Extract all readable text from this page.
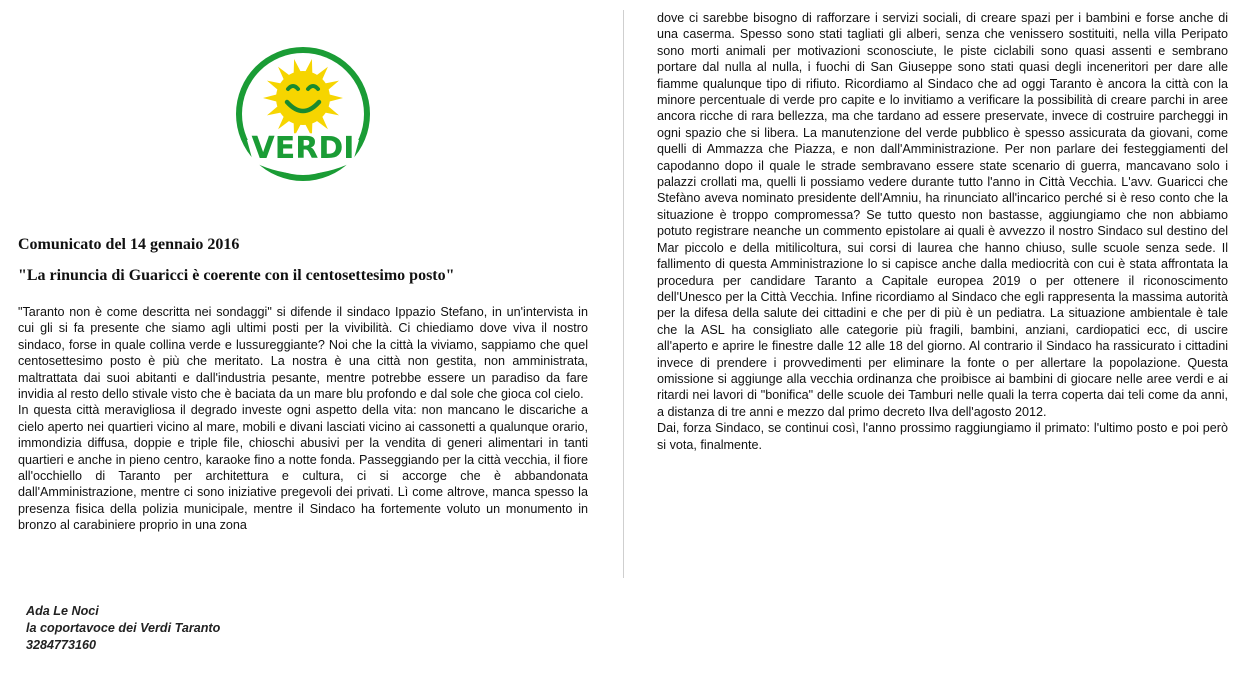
VERDI
Comunicato del 14 gennaio 2016
"La rinuncia di Guaricci è coerente con il centosettesimo posto"

"Taranto non è come descritta nei sondaggi" si difende il sindaco Ippazio Stefano, in un'intervista in cui gli si fa presente che siamo agli ultimi posti per la vivibilità. Ci chiediamo dove viva il nostro sindaco, forse in quale collina verde e lussureggiante? Noi che la città la viviamo, sappiamo che quel centosettesimo posto è più che meritato. La nostra è una città non gestita, non amministrata, maltrattata dai suoi abitanti e dall'industria pesante, mentre potrebbe essere un paradiso da fare invidia al resto dello stivale visto che è baciata da un mare blu profondo e dal sole che gioca col cielo.

In questa città meravigliosa il degrado investe ogni aspetto della vita: non mancano le discariche a cielo aperto nei quartieri vicino al mare, mobili e divani lasciati vicino ai cassonetti a qualunque orario, immondizia diffusa, doppie e triple file, chioschi abusivi per la vendita di generi alimentari in tanti quartieri e anche in pieno centro, karaoke fino a notte fonda. Passeggiando per la città vecchia, il fiore all'occhiello di Taranto per architettura e cultura, ci si accorge che è abbandonata dall'Amministrazione, mentre ci sono iniziative pregevoli dei privati. Lì come altrove, manca spesso la presenza fisica della polizia municipale, mentre il Sindaco ha fortemente voluto un monumento in bronzo al carabiniere proprio in una zona

dove ci sarebbe bisogno di rafforzare i servizi sociali, di creare spazi per i bambini e forse anche di una caserma. Spesso sono stati tagliati gli alberi, senza che venissero sostituiti, nella villa Peripato sono morti animali per motivazioni sconosciute, le piste ciclabili sono quasi assenti e sembrano portare dal nulla al nulla, i fuochi di San Giuseppe sono stati quasi degli inceneritori per dare alle fiamme qualunque tipo di rifiuto. Ricordiamo al Sindaco che ad oggi Taranto è ancora la città con la minore percentuale di verde pro capite e lo invitiamo a verificare la possibilità di creare parchi in aree ancora ricche di rara bellezza, ma che tardano ad essere preservate, invece di costruire parcheggi in ogni spazio che si libera. La manutenzione del verde pubblico è spesso assicurata da giovani, come quelli di Ammazza che Piazza, e non dall'Amministrazione. Per non parlare dei festeggiamenti del capodanno dopo il quale le strade sembravano essere state scenario di guerra, mancavano solo i palazzi crollati ma, quelli li possiamo vedere durante tutto l'anno in Città Vecchia. L'avv. Guaricci che Stefàno aveva nominato presidente dell'Amniu, ha rinunciato all'incarico perché si è reso conto che la situazione è troppo compromessa? Se tutto questo non bastasse, aggiungiamo che non abbiamo potuto registrare neanche un commento epistolare ai quali è avvezzo il nostro Sindaco sul destino del Mar piccolo e della mitilicoltura, sui corsi di laurea che hanno chiuso, sulle scuole senza sede. Il fallimento di questa Amministrazione lo si capisce anche dalla mediocrità con cui è stata affrontata la procedura per candidare Taranto a Capitale europea 2019 o per ottenere il riconoscimento dell'Unesco per la Città Vecchia. Infine ricordiamo al Sindaco che egli rappresenta la massima autorità per la difesa della salute dei cittadini e che per di più è un pediatra. La situazione ambientale è tale che la ASL ha consigliato alle categorie più fragili, bambini, anziani, cardiopatici ecc, di uscire all'aperto e aprire le finestre dalle 12 alle 18 del giorno. Al contrario il Sindaco ha rassicurato i cittadini invece di prendere i provvedimenti per eliminare la fonte o per allertare la popolazione. Questa omissione si aggiunge alla vecchia ordinanza che proibisce ai bambini di giocare nelle aree verdi e ai ritardi nei lavori di "bonifica" delle scuole dei Tamburi nelle quali la terra coperta dai teli come da anni, a distanza di tre anni e mezzo dal primo decreto Ilva dell'agosto 2012.

Dai, forza Sindaco, se continui così, l'anno prossimo raggiungiamo il primato: l'ultimo posto e poi però si vota, finalmente.

Ada Le Noci
la coportavoce dei Verdi Taranto
3284773160
